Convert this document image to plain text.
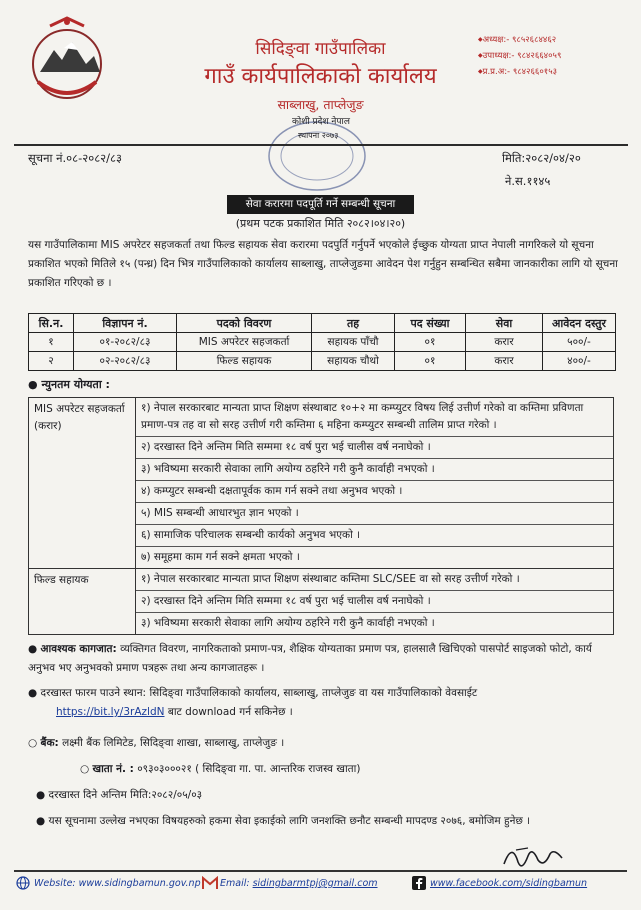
सिदिङ्वा गाउँपालिका
गाउँ कार्यपालिकाको कार्यालय
साब्लाखु, ताप्लेजुङ
◆ अध्यक्ष:- ९८५२६८४४६२
◆ उपाध्यक्ष:- ९८४२६६४०५९
◆ प्र.प्र.अ:- ९८४२६६०१५३
कोशी प्रदेश नेपाल
स्थापना २०७३
सूचना नं.०८-२०८२/८३	मिति:२०८२/०४/२०
ने.स.११४५
सेवा करारमा पदपूर्ति गर्ने सम्बन्धी सूचना
(प्रथम पटक प्रकाशित मिति २०८२।०४।२०)
यस गाउँपालिकामा MIS अपरेटर सहजकर्ता तथा फिल्ड सहायक सेवा करारमा पदपुर्ति गर्नुपर्ने भएकोले ईच्छुक योग्यता प्राप्त नेपाली नागरिकले यो सूचना प्रकाशित भएको मितिले १५ (पन्ध्र) दिन भित्र गाउँपालिकाको कार्यालय साब्लाखु, ताप्लेजुङमा आवेदन पेश गर्नुहुन सम्बन्धित सबैमा जानकारीका लागि यो सूचना प्रकाशित गरिएको छ ।
सि.न.	विज्ञापन नं.	पदको विवरण	तह	पद संख्या	सेवा	आवेदन दस्तुर
१	०१-२०८२/८३	MIS अपरेटर सहजकर्ता	सहायक पाँचौ	०१	करार	५००/-
२	०२-२०८२/८३	फिल्ड सहायक	सहायक चौथो	०१	करार	४००/-
● न्युनतम योग्यता :
MIS अपरेटर सहजकर्ता (करार)
१) नेपाल सरकारबाट मान्यता प्राप्त शिक्षण संस्थाबाट १०+२ मा कम्प्युटर विषय लिई उत्तीर्ण गरेको वा कम्तिमा प्रविणता प्रमाण-पत्र तह वा सो सरह उत्तीर्ण गरी कम्तिमा ६ महिना कम्प्युटर सम्बन्धी तालिम प्राप्त गरेको ।
२) दरखास्त दिने अन्तिम मिति सम्ममा १८ वर्ष पुरा भई चालीस वर्ष ननाघेको ।
३) भविष्यमा सरकारी सेवाका लागि अयोग्य ठहरिने गरी कुनै कार्वाही नभएको ।
४) कम्प्युटर सम्बन्धी दक्षतापूर्वक काम गर्न सक्ने तथा अनुभव भएको ।
५) MIS सम्बन्धी आधारभुत ज्ञान भएको ।
६) सामाजिक परिचालक सम्बन्धी कार्यको अनुभव भएको ।
७) समूहमा काम गर्न सक्ने क्षमता भएको ।
फिल्ड सहायक	१) नेपाल सरकारबाट मान्यता प्राप्त शिक्षण संस्थाबाट कम्तिमा SLC/SEE वा सो सरह उत्तीर्ण गरेको ।
२) दरखास्त दिने अन्तिम मिति सम्ममा १८ वर्ष पुरा भई चालीस वर्ष ननाघेको ।
३) भविष्यमा सरकारी सेवाका लागि अयोग्य ठहरिने गरी कुनै कार्वाही नभएको ।
● आवश्यक कागजात: व्यक्तिगत विवरण, नागरिकताको प्रमाण-पत्र, शैक्षिक योग्यताका प्रमाण पत्र, हालसालै खिचिएको पासपोर्ट साइजको फोटो, कार्य अनुभव भए अनुभवको प्रमाण पत्रहरू तथा अन्य कागजातहरू ।
● दरखास्त फारम पाउने स्थान: सिदिङ्वा गाउँपालिकाको कार्यालय, साब्लाखु, ताप्लेजुङ वा यस गाउँपालिकाको वेवसाईट
https://bit.ly/3rAzldN बाट download गर्न सकिनेछ ।
○ बैंक: लक्ष्मी बैंक लिमिटेड, सिदिङ्वा शाखा, साब्लाखु, ताप्लेजुङ ।
○ खाता नं. : ०९३०३०००२१ ( सिदिङ्वा गा. पा. आन्तरिक राजस्व खाता)
● दरखास्त दिने अन्तिम मिति:२०८२/०५/०३
● यस सूचनामा उल्लेख नभएका विषयहरुको हकमा सेवा इकाईको लागि जनशक्ति छनौट सम्बन्धी मापदण्ड २०७६, बमोजिम हुनेछ ।
Website: www.sidingbamun.gov.np Email: sidingbarmtpj@gmail.com	www.facebook.com/sidingbamun
